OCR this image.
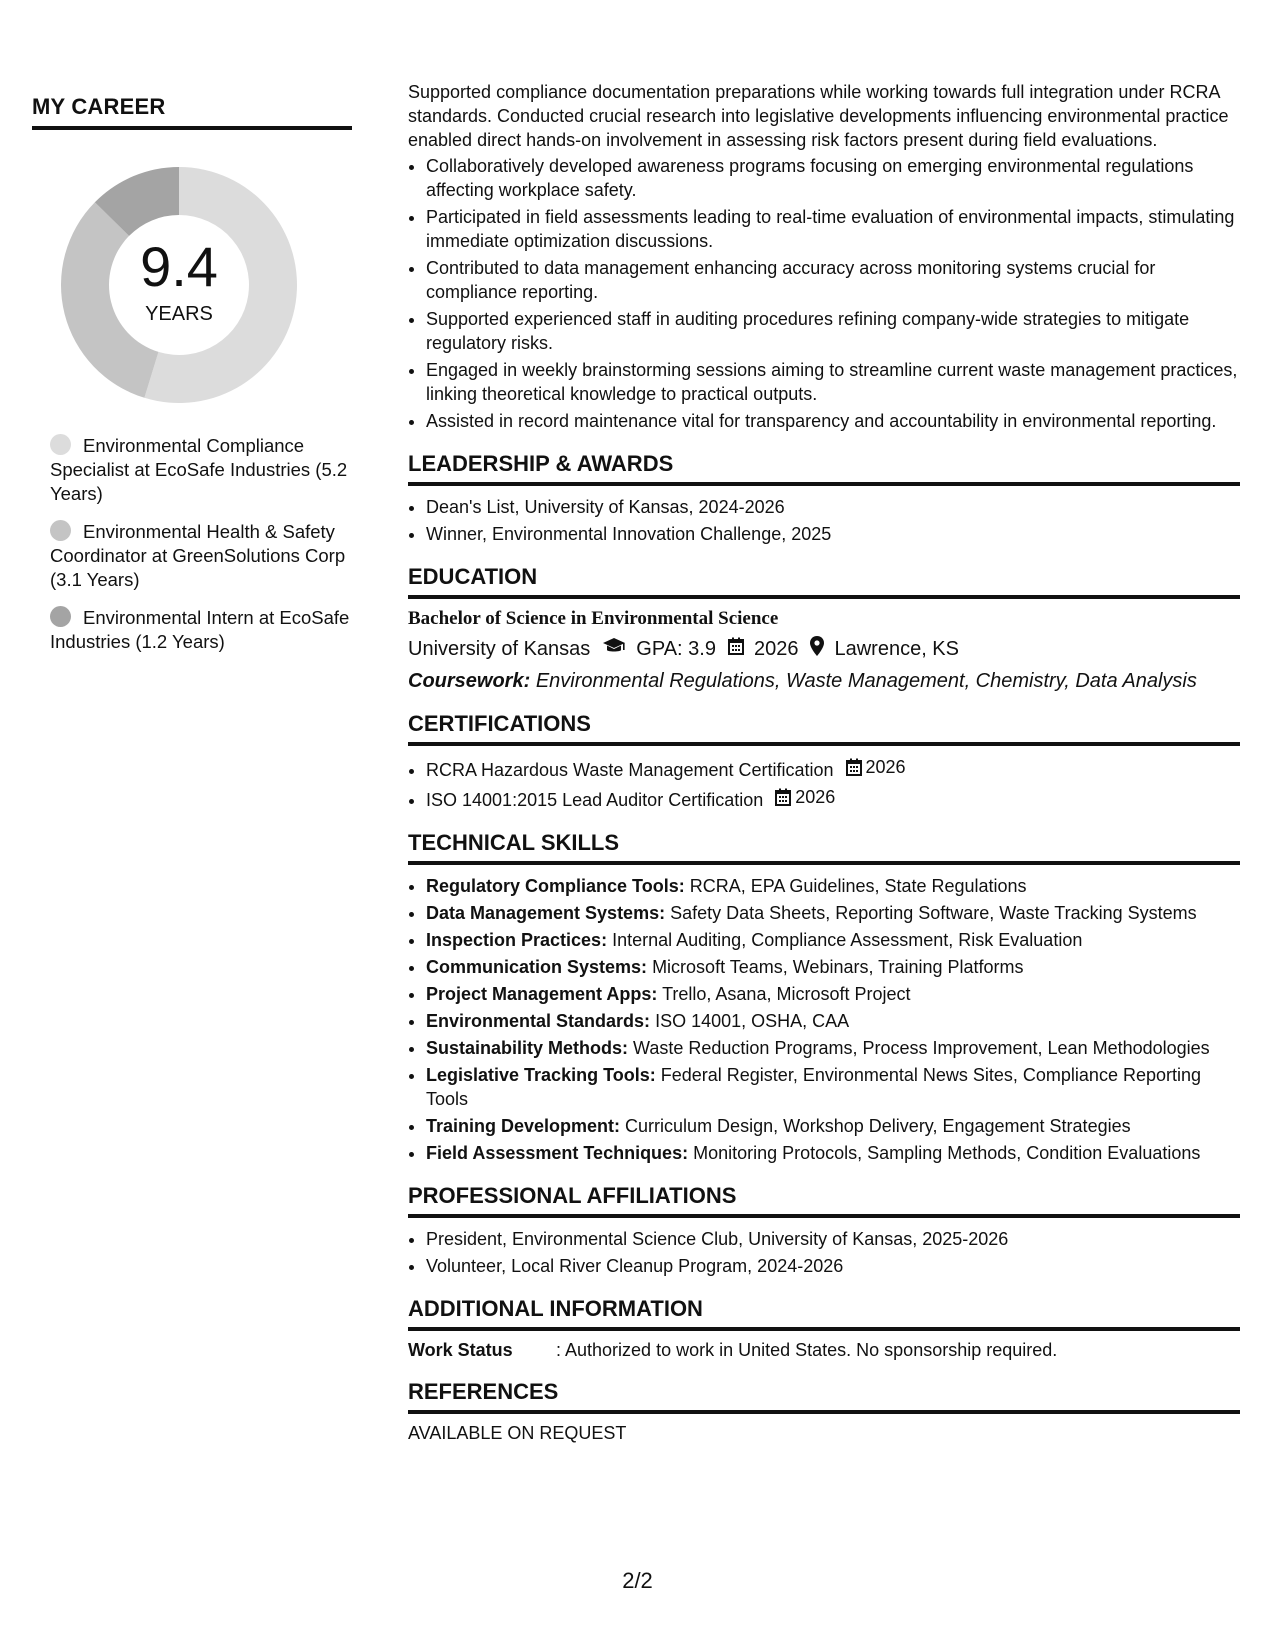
MY CAREER
9.4
YEARS
Environmental Compliance Specialist at EcoSafe Industries (5.2 Years)
Environmental Health & Safety Coordinator at GreenSolutions Corp (3.1 Years)
Environmental Intern at EcoSafe Industries (1.2 Years)

Supported compliance documentation preparations while working towards full integration under RCRA standards. Conducted crucial research into legislative developments influencing environmental practice enabled direct hands-on involvement in assessing risk factors present during field evaluations.

• Collaboratively developed awareness programs focusing on emerging environmental regulations affecting workplace safety.
• Participated in field assessments leading to real-time evaluation of environmental impacts, stimulating immediate optimization discussions.
• Contributed to data management enhancing accuracy across monitoring systems crucial for compliance reporting.
• Supported experienced staff in auditing procedures refining company-wide strategies to mitigate regulatory risks.
• Engaged in weekly brainstorming sessions aiming to streamline current waste management practices, linking theoretical knowledge to practical outputs.
• Assisted in record maintenance vital for transparency and accountability in environmental reporting.
LEADERSHIP & AWARDS
• Dean's List, University of Kansas, 2024-2026
• Winner, Environmental Innovation Challenge, 2025
EDUCATION
Bachelor of Science in Environmental Science
University of Kansas GPA: 3.9 2026 Lawrence, KS
Coursework: Environmental Regulations, Waste Management, Chemistry, Data Analysis
CERTIFICATIONS
• RCRA Hazardous Waste Management Certification 2026
• ISO 14001:2015 Lead Auditor Certification 2026
TECHNICAL SKILLS
• Regulatory Compliance Tools: RCRA, EPA Guidelines, State Regulations
• Data Management Systems: Safety Data Sheets, Reporting Software, Waste Tracking Systems
• Inspection Practices: Internal Auditing, Compliance Assessment, Risk Evaluation
• Communication Systems: Microsoft Teams, Webinars, Training Platforms
• Project Management Apps: Trello, Asana, Microsoft Project
• Environmental Standards: ISO 14001, OSHA, CAA
• Sustainability Methods: Waste Reduction Programs, Process Improvement, Lean Methodologies
• Legislative Tracking Tools: Federal Register, Environmental News Sites, Compliance Reporting Tools
• Training Development: Curriculum Design, Workshop Delivery, Engagement Strategies
• Field Assessment Techniques: Monitoring Protocols, Sampling Methods, Condition Evaluations
PROFESSIONAL AFFILIATIONS
• President, Environmental Science Club, University of Kansas, 2025-2026
• Volunteer, Local River Cleanup Program, 2024-2026
ADDITIONAL INFORMATION
Work Status	: Authorized to work in United States. No sponsorship required.
REFERENCES
AVAILABLE ON REQUEST
2/2
